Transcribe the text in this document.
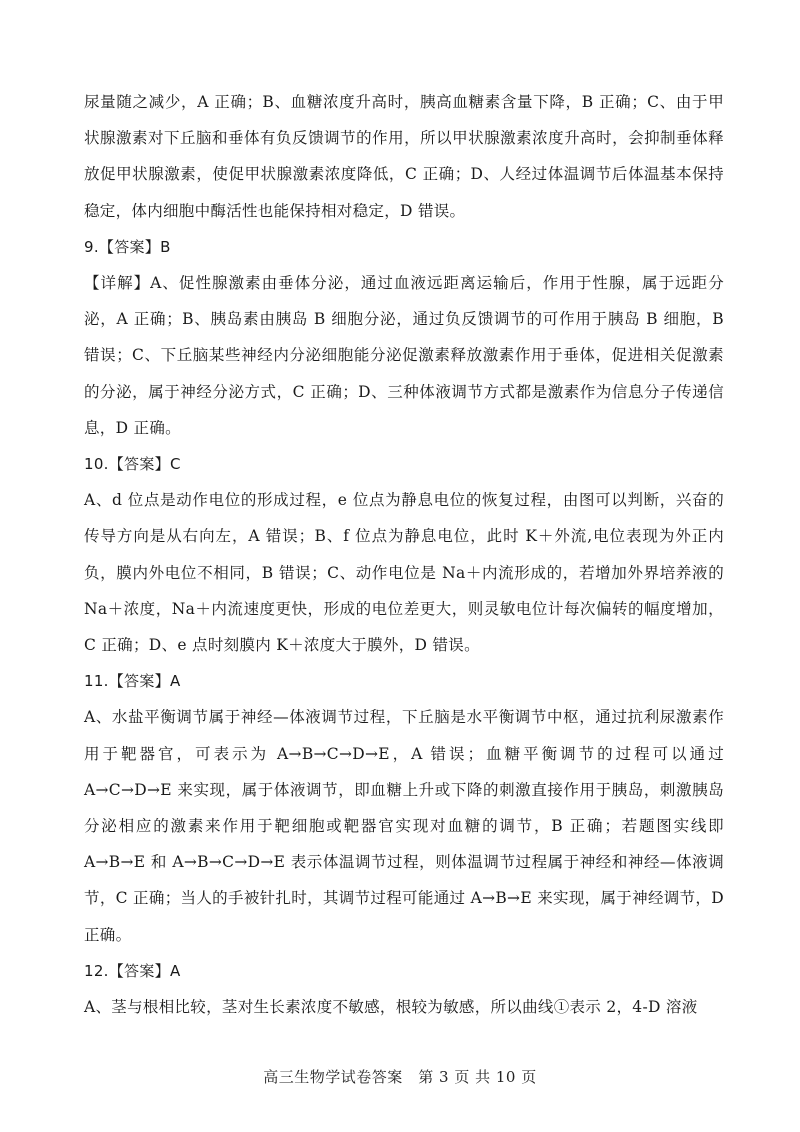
尿量随之减少，A 正确；B、血糖浓度升高时，胰高血糖素含量下降，B 正确；C、由于甲状腺激素对下丘脑和垂体有负反馈调节的作用，所以甲状腺激素浓度升高时，会抑制垂体释放促甲状腺激素，使促甲状腺激素浓度降低，C 正确；D、人经过体温调节后体温基本保持稳定，体内细胞中酶活性也能保持相对稳定，D 错误。

9.【答案】B

【详解】A、促性腺激素由垂体分泌，通过血液远距离运输后，作用于性腺，属于远距分泌，A 正确；B、胰岛素由胰岛 B 细胞分泌，通过负反馈调节的可作用于胰岛 B 细胞，B 错误；C、下丘脑某些神经内分泌细胞能分泌促激素释放激素作用于垂体，促进相关促激素的分泌，属于神经分泌方式，C 正确；D、三种体液调节方式都是激素作为信息分子传递信息，D 正确。

10.【答案】C

A、d 位点是动作电位的形成过程，e 位点为静息电位的恢复过程，由图可以判断，兴奋的传导方向是从右向左，A 错误；B、f 位点为静息电位，此时 K＋外流,电位表现为外正内负，膜内外电位不相同，B 错误；C、动作电位是 Na＋内流形成的，若增加外界培养液的 Na＋浓度，Na＋内流速度更快，形成的电位差更大，则灵敏电位计每次偏转的幅度增加，C 正确；D、e 点时刻膜内 K＋浓度大于膜外，D 错误。

11.【答案】A

A、水盐平衡调节属于神经—体液调节过程，下丘脑是水平衡调节中枢，通过抗利尿激素作用于靶器官，可表示为 A→B→C→D→E，A 错误；血糖平衡调节的过程可以通过 A→C→D→E 来实现，属于体液调节，即血糖上升或下降的刺激直接作用于胰岛，刺激胰岛分泌相应的激素来作用于靶细胞或靶器官实现对血糖的调节，B 正确；若题图实线即 A→B→E 和 A→B→C→D→E 表示体温调节过程，则体温调节过程属于神经和神经—体液调节，C 正确；当人的手被针扎时，其调节过程可能通过 A→B→E 来实现，属于神经调节，D 正确。

12.【答案】A

A、茎与根相比较，茎对生长素浓度不敏感，根较为敏感，所以曲线①表示 2，4-D 溶液

高三生物学试卷答案　第 3 页 共 10 页
